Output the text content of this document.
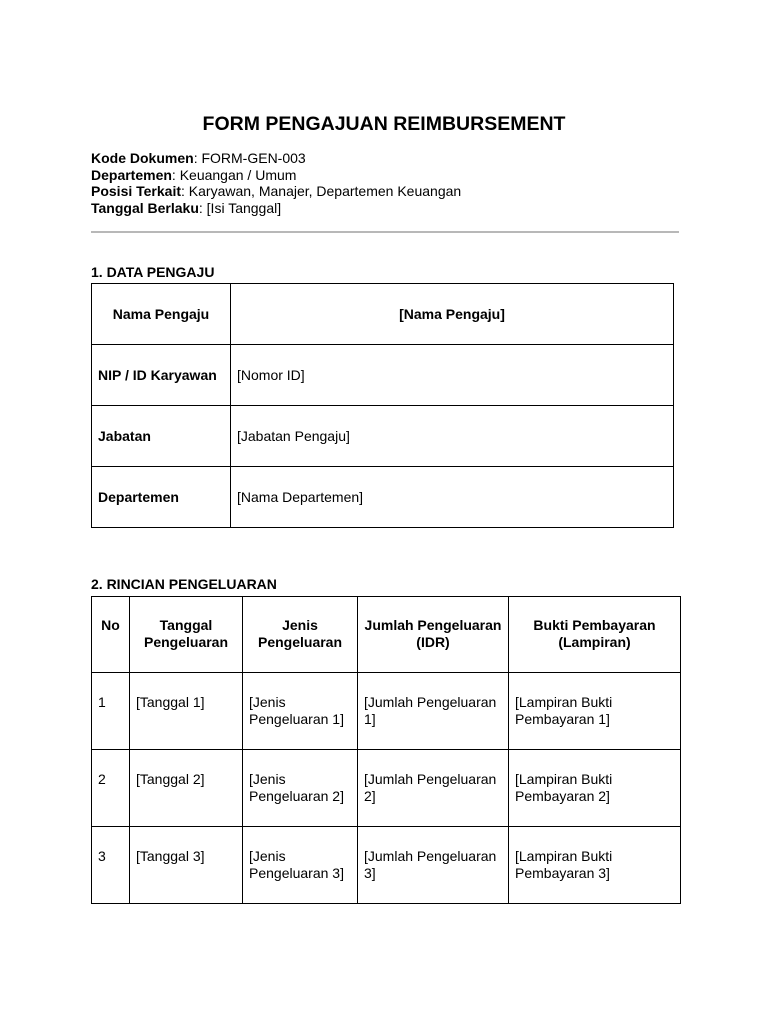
FORM PENGAJUAN REIMBURSEMENT
Kode Dokumen: FORM-GEN-003
Departemen: Keuangan / Umum
Posisi Terkait: Karyawan, Manajer, Departemen Keuangan
Tanggal Berlaku: [Isi Tanggal]
1. DATA PENGAJU
Nama Pengaju	[Nama Pengaju]
NIP / ID Karyawan	[Nomor ID]
Jabatan	[Jabatan Pengaju]
Departemen	[Nama Departemen]
2. RINCIAN PENGELUARAN
No	Tanggal Pengeluaran	Jenis Pengeluaran	Jumlah Pengeluaran (IDR)	Bukti Pembayaran (Lampiran)
1	[Tanggal 1]	[Jenis Pengeluaran 1]	[Jumlah Pengeluaran 1]	[Lampiran Bukti Pembayaran 1]
2	[Tanggal 2]	[Jenis Pengeluaran 2]	[Jumlah Pengeluaran 2]	[Lampiran Bukti Pembayaran 2]
3	[Tanggal 3]	[Jenis Pengeluaran 3]	[Jumlah Pengeluaran 3]	[Lampiran Bukti Pembayaran 3]
